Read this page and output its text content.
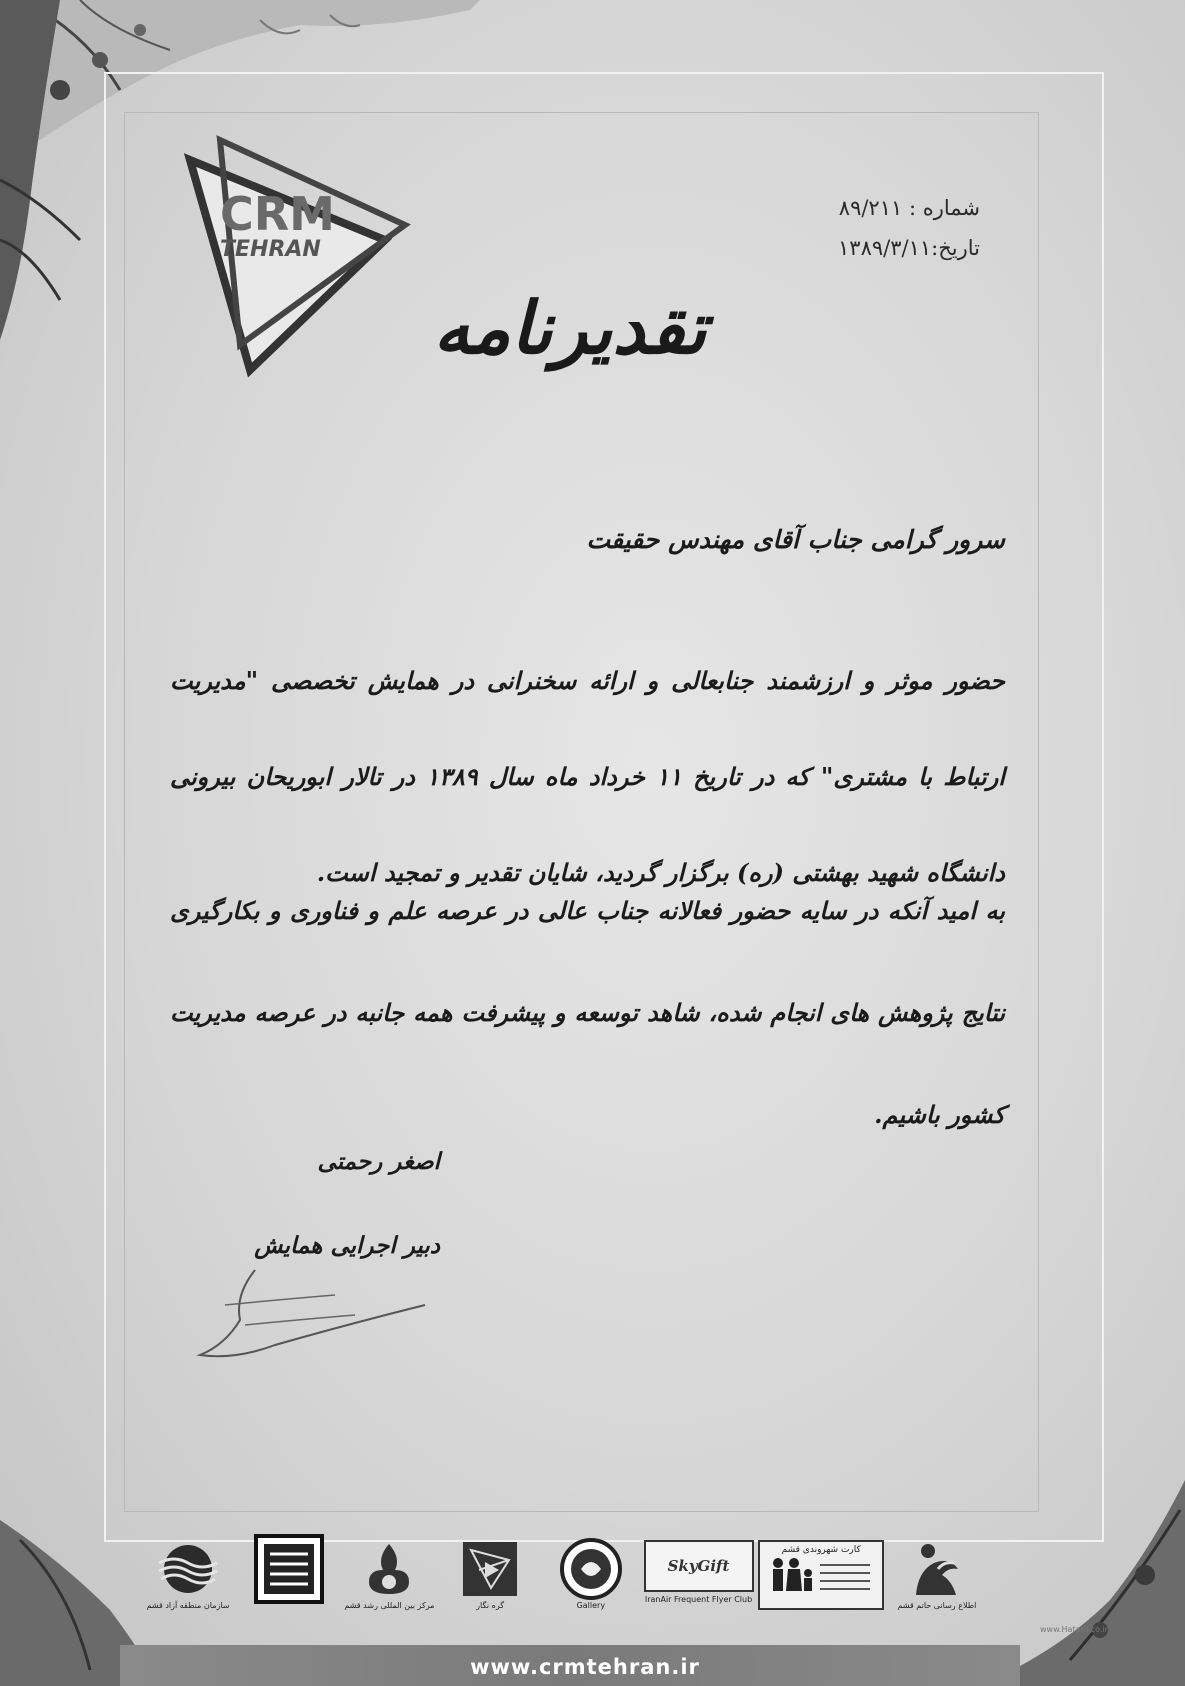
CRM
TEHRAN
شماره : ۸۹/۲۱۱
تاریخ:۱۳۸۹/۳/۱۱
تقدیرنامه
سرور گرامی جناب آقای مهندس حقیقت
حضور موثر و ارزشمند جنابعالی و ارائه سخنرانی در همایش تخصصی "مدیریت ارتباط با مشتری" که در تاریخ ۱۱ خرداد ماه سال ۱۳۸۹ در تالار ابوریحان بیرونی دانشگاه شهید بهشتی (ره) برگزار گردید، شایان تقدیر و تمجید است.
به امید آنکه در سایه حضور فعالانه جناب عالی در عرصه علم و فناوری و بکارگیری نتایج پژوهش های انجام شده، شاهد توسعه و پیشرفت همه جانبه در عرصه مدیریت کشور باشیم.
اصغر رحمتی
دبیر اجرایی همایش
سازمان منطقه آزاد قشم	مرکز بین المللی رشد قشم	گره نگار	Gallery
SkyGift
IranAir Frequent Flyer Club
کارت شهروندی قشم
اطلاع رسانی حاتم قشم
www.Hatam.co.ir
www.crmtehran.ir
